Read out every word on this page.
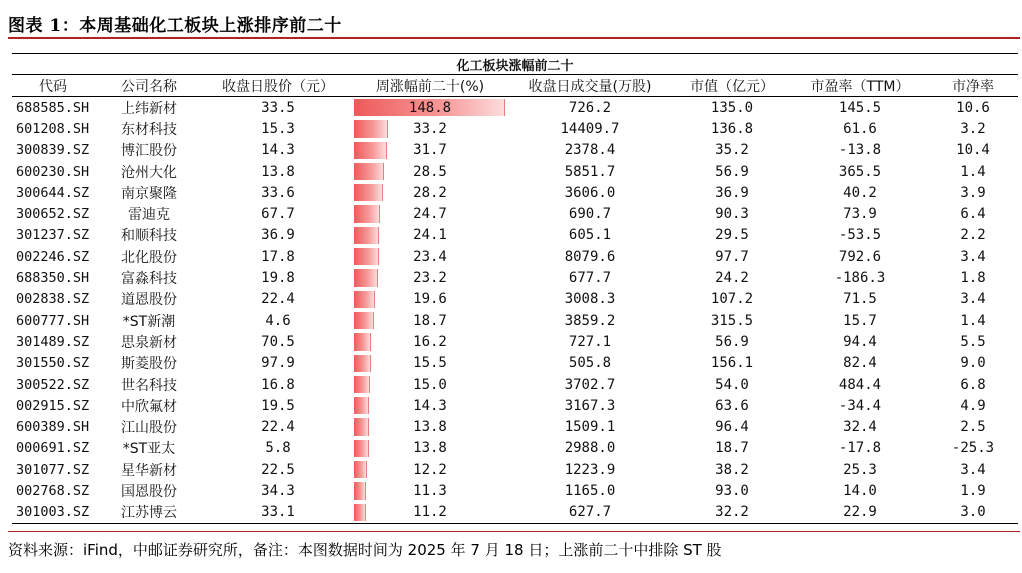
图表 1：本周基础化工板块上涨排序前二十
化工板块涨幅前二十							
代码	公司名称	收盘日股价（元）	周涨幅前二十(%)	收盘日成交量(万股)	市值（亿元）	市盈率（TTM）	市净率
688585.SH	上纬新材	33.5	148.8	726.2	135.0	145.5	10.6
601208.SH	东材科技	15.3	33.2	14409.7	136.8	61.6	3.2
300839.SZ	博汇股份	14.3	31.7	2378.4	35.2	-13.8	10.4
600230.SH	沧州大化	13.8	28.5	5851.7	56.9	365.5	1.4
300644.SZ	南京聚隆	33.6	28.2	3606.0	36.9	40.2	3.9
300652.SZ	雷迪克	67.7	24.7	690.7	90.3	73.9	6.4
301237.SZ	和顺科技	36.9	24.1	605.1	29.5	-53.5	2.2
002246.SZ	北化股份	17.8	23.4	8079.6	97.7	792.6	3.4
688350.SH	富淼科技	19.8	23.2	677.7	24.2	-186.3	1.8
002838.SZ	道恩股份	22.4	19.6	3008.3	107.2	71.5	3.4
600777.SH	*ST新潮	4.6	18.7	3859.2	315.5	15.7	1.4
301489.SZ	思泉新材	70.5	16.2	727.1	56.9	94.4	5.5
301550.SZ	斯菱股份	97.9	15.5	505.8	156.1	82.4	9.0
300522.SZ	世名科技	16.8	15.0	3702.7	54.0	484.4	6.8
002915.SZ	中欣氟材	19.5	14.3	3167.3	63.6	-34.4	4.9
600389.SH	江山股份	22.4	13.8	1509.1	96.4	32.4	2.5
000691.SZ	*ST亚太	5.8	13.8	2988.0	18.7	-17.8	-25.3
301077.SZ	星华新材	22.5	12.2	1223.9	38.2	25.3	3.4
002768.SZ	国恩股份	34.3	11.3	1165.0	93.0	14.0	1.9
301003.SZ	江苏博云	33.1	11.2	627.7	32.2	22.9	3.0
资料来源：iFind，中邮证券研究所，备注：本图数据时间为 2025 年 7 月 18 日；上涨前二十中排除 ST 股
